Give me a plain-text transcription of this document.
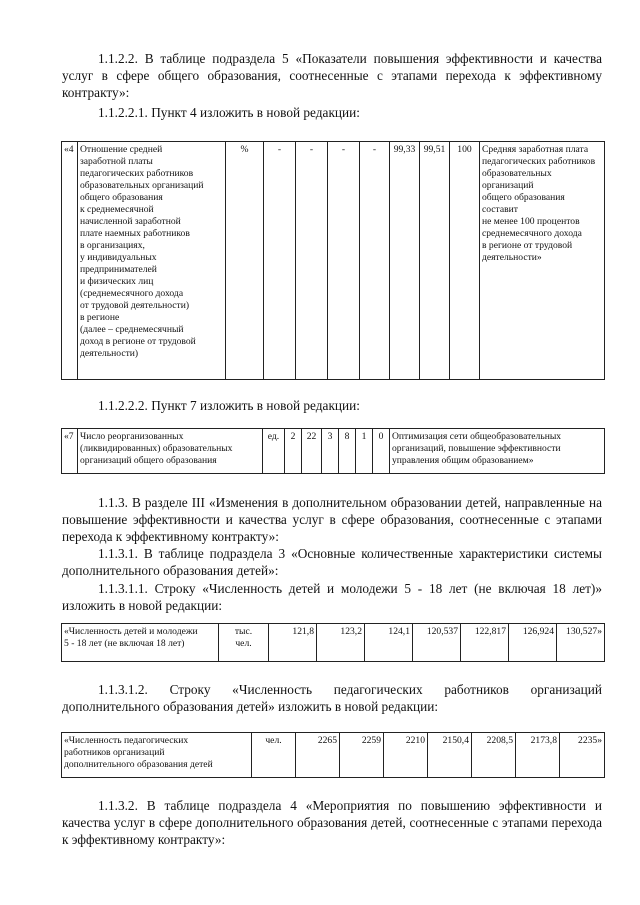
1.1.2.2. В таблице подраздела 5 «Показатели повышения эффективности и качества услуг в сфере общего образования, соотнесенные с этапами перехода к эффективному контракту»:
1.1.2.2.1. Пункт 4 изложить в новой редакции:
«4	Отношение средней
заработной платы
педагогических работников
образовательных организаций
общего образования
к среднемесячной
начисленной заработной
плате наемных работников
в организациях,
у индивидуальных
предпринимателей
и физических лиц
(среднемесячного дохода
от трудовой деятельности)
в регионе
(далее – среднемесячный
доход в регионе от трудовой
деятельности)	%	-	-	-	-	99,33	99,51	100	Средняя заработная плата
педагогических работников
образовательных организаций
общего образования составит
не менее 100 процентов
среднемесячного дохода
в регионе от трудовой
деятельности»
1.1.2.2.2. Пункт 7 изложить в новой редакции:
«7	Число реорганизованных
(ликвидированных) образовательных
организаций общего образования	ед.	2	22	3	8	1	0	Оптимизация сети общеобразовательных
организаций, повышение эффективности
управления общим образованием»
1.1.3. В разделе III «Изменения в дополнительном образовании детей, направленные на повышение эффективности и качества услуг в сфере образования, соотнесенные с этапами перехода к эффективному контракту»:
1.1.3.1. В таблице подраздела 3 «Основные количественные характеристики системы дополнительного образования детей»:
1.1.3.1.1. Строку «Численность детей и молодежи 5 - 18 лет (не включая 18 лет)» изложить в новой редакции:
«Численность детей и молодежи
5 - 18 лет (не включая 18 лет)	тыс.
чел.	121,8	123,2	124,1	120,537	122,817	126,924	130,527»
1.1.3.1.2. Строку «Численность педагогических работников организаций
дополнительного образования детей» изложить в новой редакции:
«Численность педагогических
работников организаций
дополнительного образования детей	чел.	2265	2259	2210	2150,4	2208,5	2173,8	2235»
1.1.3.2. В таблице подраздела 4 «Мероприятия по повышению эффективности и качества услуг в сфере дополнительного образования детей, соотнесенные с этапами перехода к эффективному контракту»:
